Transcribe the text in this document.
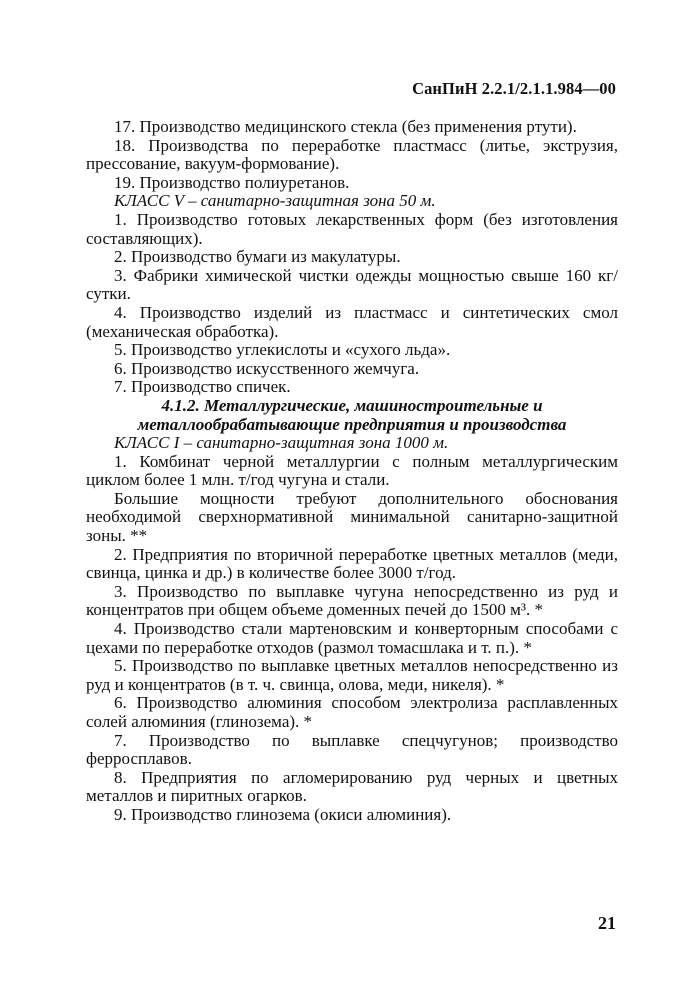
СанПиН 2.2.1/2.1.1.984—00

17. Производство медицинского стекла (без применения ртути).

18. Производства по переработке пластмасс (литье, экструзия, прессование, вакуум-формование).

19. Производство полиуретанов.

КЛАСС V – санитарно-защитная зона 50 м.

1. Производство готовых лекарственных форм (без изготовления составляющих).

2. Производство бумаги из макулатуры.

3. Фабрики химической чистки одежды мощностью свыше 160 кг/сутки.

4. Производство изделий из пластмасс и синтетических смол (механическая обработка).

5. Производство углекислоты и «сухого льда».

6. Производство искусственного жемчуга.

7. Производство спичек.

4.1.2. Металлургические, машиностроительные и металлообрабатывающие предприятия и производства

КЛАСС I – санитарно-защитная зона 1000 м.

1. Комбинат черной металлургии с полным металлургическим циклом более 1 млн. т/год чугуна и стали.

Большие мощности требуют дополнительного обоснования необходимой сверхнормативной минимальной санитарно-защитной зоны. **

2. Предприятия по вторичной переработке цветных металлов (меди, свинца, цинка и др.) в количестве более 3000 т/год.

3. Производство по выплавке чугуна непосредственно из руд и концентратов при общем объеме доменных печей до 1500 м³. *

4. Производство стали мартеновским и конверторным способами с цехами по переработке отходов (размол томасшлака и т. п.). *

5. Производство по выплавке цветных металлов непосредственно из руд и концентратов (в т. ч. свинца, олова, меди, никеля). *

6. Производство алюминия способом электролиза расплавленных солей алюминия (глинозема). *

7. Производство по выплавке спецчугунов; производство ферросплавов.

8. Предприятия по агломерированию руд черных и цветных металлов и пиритных огарков.

9. Производство глинозема (окиси алюминия).

21
